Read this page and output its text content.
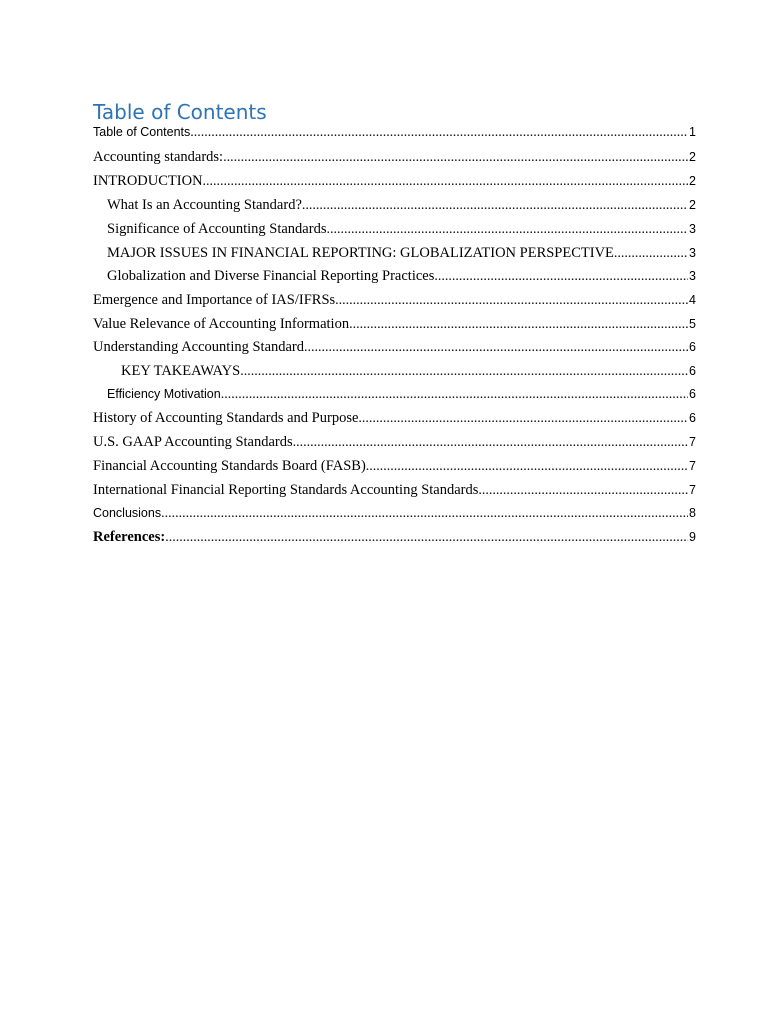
Table of Contents
Table of Contents .....	1
Accounting standards: .....	2
INTRODUCTION .....	2
What Is an Accounting Standard? .....	2
Significance of Accounting Standards .....	3
MAJOR ISSUES IN FINANCIAL REPORTING: GLOBALIZATION PERSPECTIVE .....	3
Globalization and Diverse Financial Reporting Practices .....	3
Emergence and Importance of IAS/IFRSs .....	4
Value Relevance of Accounting Information .....	5
Understanding Accounting Standard .....	6
KEY TAKEAWAYS .....	6
Efficiency Motivation .....	6
History of Accounting Standards and Purpose .....	6
U.S. GAAP Accounting Standards .....	7
Financial Accounting Standards Board (FASB) .....	7
International Financial Reporting Standards Accounting Standards .....	7
Conclusions .....	8
References: .....	9
